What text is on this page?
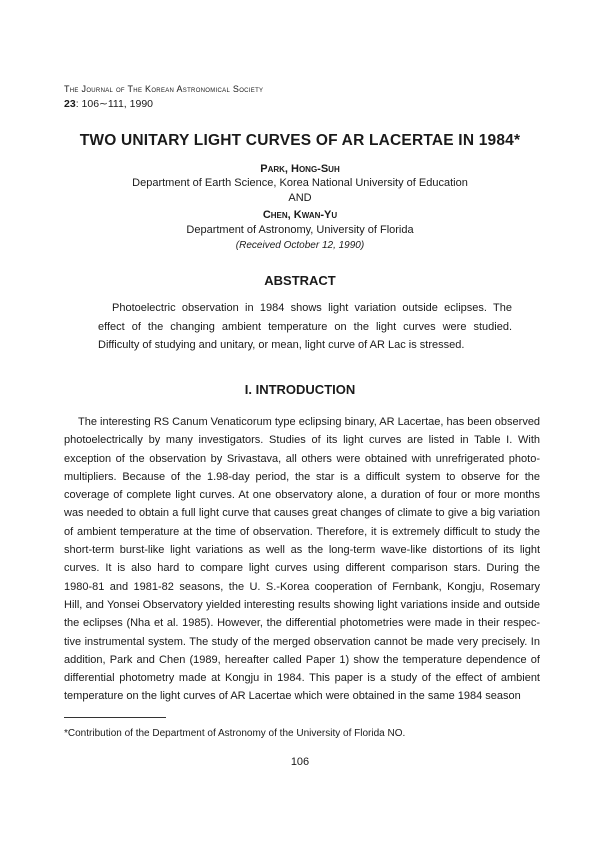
The Journal of The Korean Astronomical Society
23: 106∼111, 1990
TWO UNITARY LIGHT CURVES OF AR LACERTAE IN 1984*
Park, Hong-Suh
Department of Earth Science, Korea National University of Education
AND
Chen, Kwan-Yu
Department of Astronomy, University of Florida
(Received October 12, 1990)
ABSTRACT
Photoelectric observation in 1984 shows light variation outside eclipses. The effect of the changing ambient temperature on the light curves were studied. Difficulty of studying and unitary, or mean, light curve of AR Lac is stressed.
I. INTRODUCTION
The interesting RS Canum Venaticorum type eclipsing binary, AR Lacertae, has been observed
photoelectrically by many investigators. Studies of its light curves are listed in Table I. With
exception of the observation by Srivastava, all others were obtained with unrefrigerated photo-
multipliers. Because of the 1.98-day period, the star is a difficult system to observe for the
coverage of complete light curves. At one observatory alone, a duration of four or more months
was needed to obtain a full light curve that causes great changes of climate to give a big variation
of ambient temperature at the time of observation. Therefore, it is extremely difficult to study the
short-term burst-like light variations as well as the long-term wave-like distortions of its light
curves. It is also hard to compare light curves using different comparison stars. During the
1980-81 and 1981-82 seasons, the U. S.-Korea cooperation of Fernbank, Kongju, Rosemary
Hill, and Yonsei Observatory yielded interesting results showing light variations inside and outside
the eclipses (Nha et al. 1985). However, the differential photometries were made in their respec-
tive instrumental system. The study of the merged observation cannot be made very precisely. In
addition, Park and Chen (1989, hereafter called Paper 1) show the temperature dependence of
differential photometry made at Kongju in 1984. This paper is a study of the effect of ambient
temperature on the light curves of AR Lacertae which were obtained in the same 1984 season
*Contribution of the Department of Astronomy of the University of Florida NO.
106
